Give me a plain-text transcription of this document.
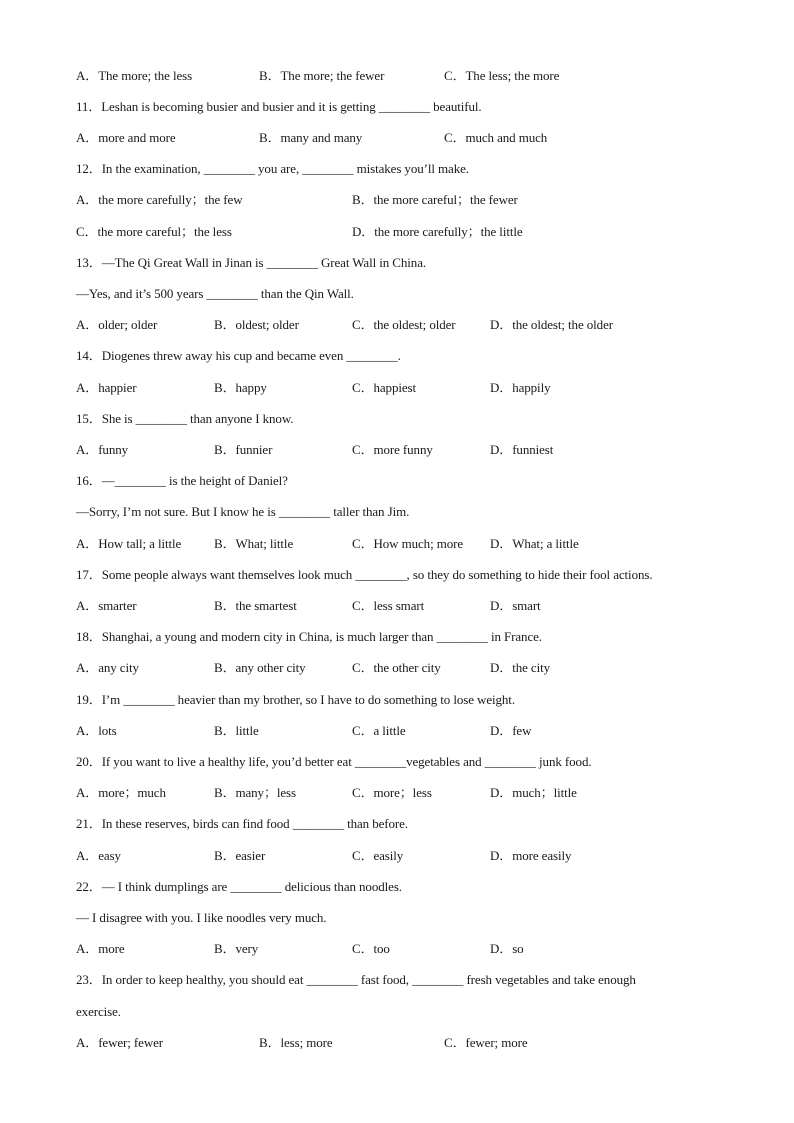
A．The more; the less	B．The more; the fewer	C．The less; the more
11．Leshan is becoming busier and busier and it is getting ________ beautiful.
A．more and more	B．many and many	C．much and much
12．In the examination, ________ you are, ________ mistakes you’ll make.
A．the more carefully；the few	B．the more careful；the fewer
C．the more careful；the less	D．the more carefully；the little
13．—The Qi Great Wall in Jinan is ________ Great Wall in China.
—Yes, and it’s 500 years ________ than the Qin Wall.
A．older; older	B．oldest; older	C．the oldest; older	D．the oldest; the older
14．Diogenes threw away his cup and became even ________.
A．happier	B．happy	C．happiest	D．happily
15．She is ________ than anyone I know.
A．funny	B．funnier	C．more funny	D．funniest
16．—________ is the height of Daniel?
—Sorry, I’m not sure. But I know he is ________ taller than Jim.
A．How tall; a little	B．What; little	C．How much; more D．What; a little
17．Some people always want themselves look much ________, so they do something to hide their fool actions.
A．smarter	B．the smartest	C．less smart	D．smart
18．Shanghai, a young and modern city in China, is much larger than ________ in France.
A．any city	B．any other city	C．the other city	D．the city
19．I’m ________ heavier than my brother, so I have to do something to lose weight.
A．lots	B．little	C．a little	D．few
20．If you want to live a healthy life, you’d better eat ________vegetables and ________ junk food.
A．more；much	B．many；less	C．more；less	D．much；little
21．In these reserves, birds can find food ________ than before.
A．easy	B．easier	C．easily	D．more easily
22．— I think dumplings are ________ delicious than noodles.
— I disagree with you. I like noodles very much.
A．more	B．very	C．too	D．so
23．In order to keep healthy, you should eat ________ fast food, ________ fresh vegetables and take enough
exercise.
A．fewer; fewer	B．less; more	C．fewer; more
